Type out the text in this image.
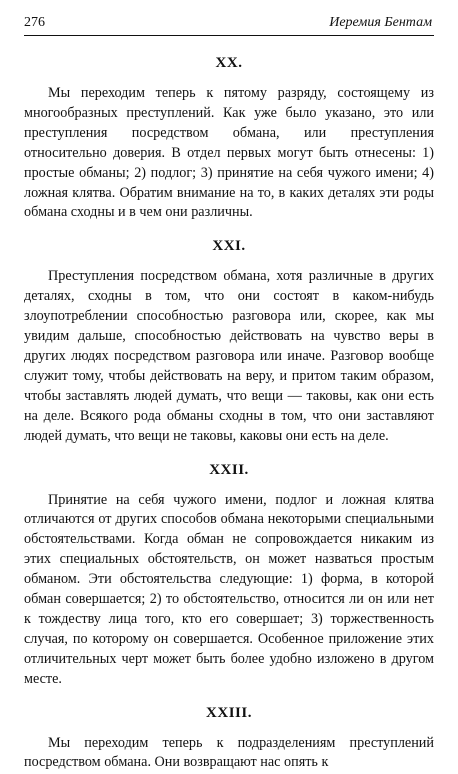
276	Иеремия Бентам
XX.

Мы переходим теперь к пятому разряду, состоящему из многообразных преступлений. Как уже было указано, это или преступления посредством обмана, или преступления относительно доверия. В отдел первых могут быть отнесены: 1) простые обманы; 2) подлог; 3) принятие на себя чужого имени; 4) ложная клятва. Обратим внимание на то, в каких деталях эти роды обмана сходны и в чем они различны.

XXI.

Преступления посредством обмана, хотя различные в других деталях, сходны в том, что они состоят в каком-нибудь злоупотреблении способностью разговора или, скорее, как мы увидим дальше, способностью действовать на чувство веры в других людях посредством разговора или иначе. Разговор вообще служит тому, чтобы действовать на веру, и притом таким образом, чтобы заставлять людей думать, что вещи — таковы, как они есть на деле. Всякого рода обманы сходны в том, что они заставляют людей думать, что вещи не таковы, каковы они есть на деле.

XXII.

Принятие на себя чужого имени, подлог и ложная клятва отличаются от других способов обмана некоторыми специальными обстоятельствами. Когда обман не сопровождается никаким из этих специальных обстоятельств, он может назваться простым обманом. Эти обстоятельства следующие: 1) форма, в которой обман совершается; 2) то обстоятельство, относится ли он или нет к тождеству лица того, кто его совершает; 3) торжественность случая, по которому он совершается. Особенное приложение этих отличительных черт может быть более удобно изложено в другом месте.

XXIII.

Мы переходим теперь к подразделениям преступлений посредством обмана. Они возвращают нас опять к
